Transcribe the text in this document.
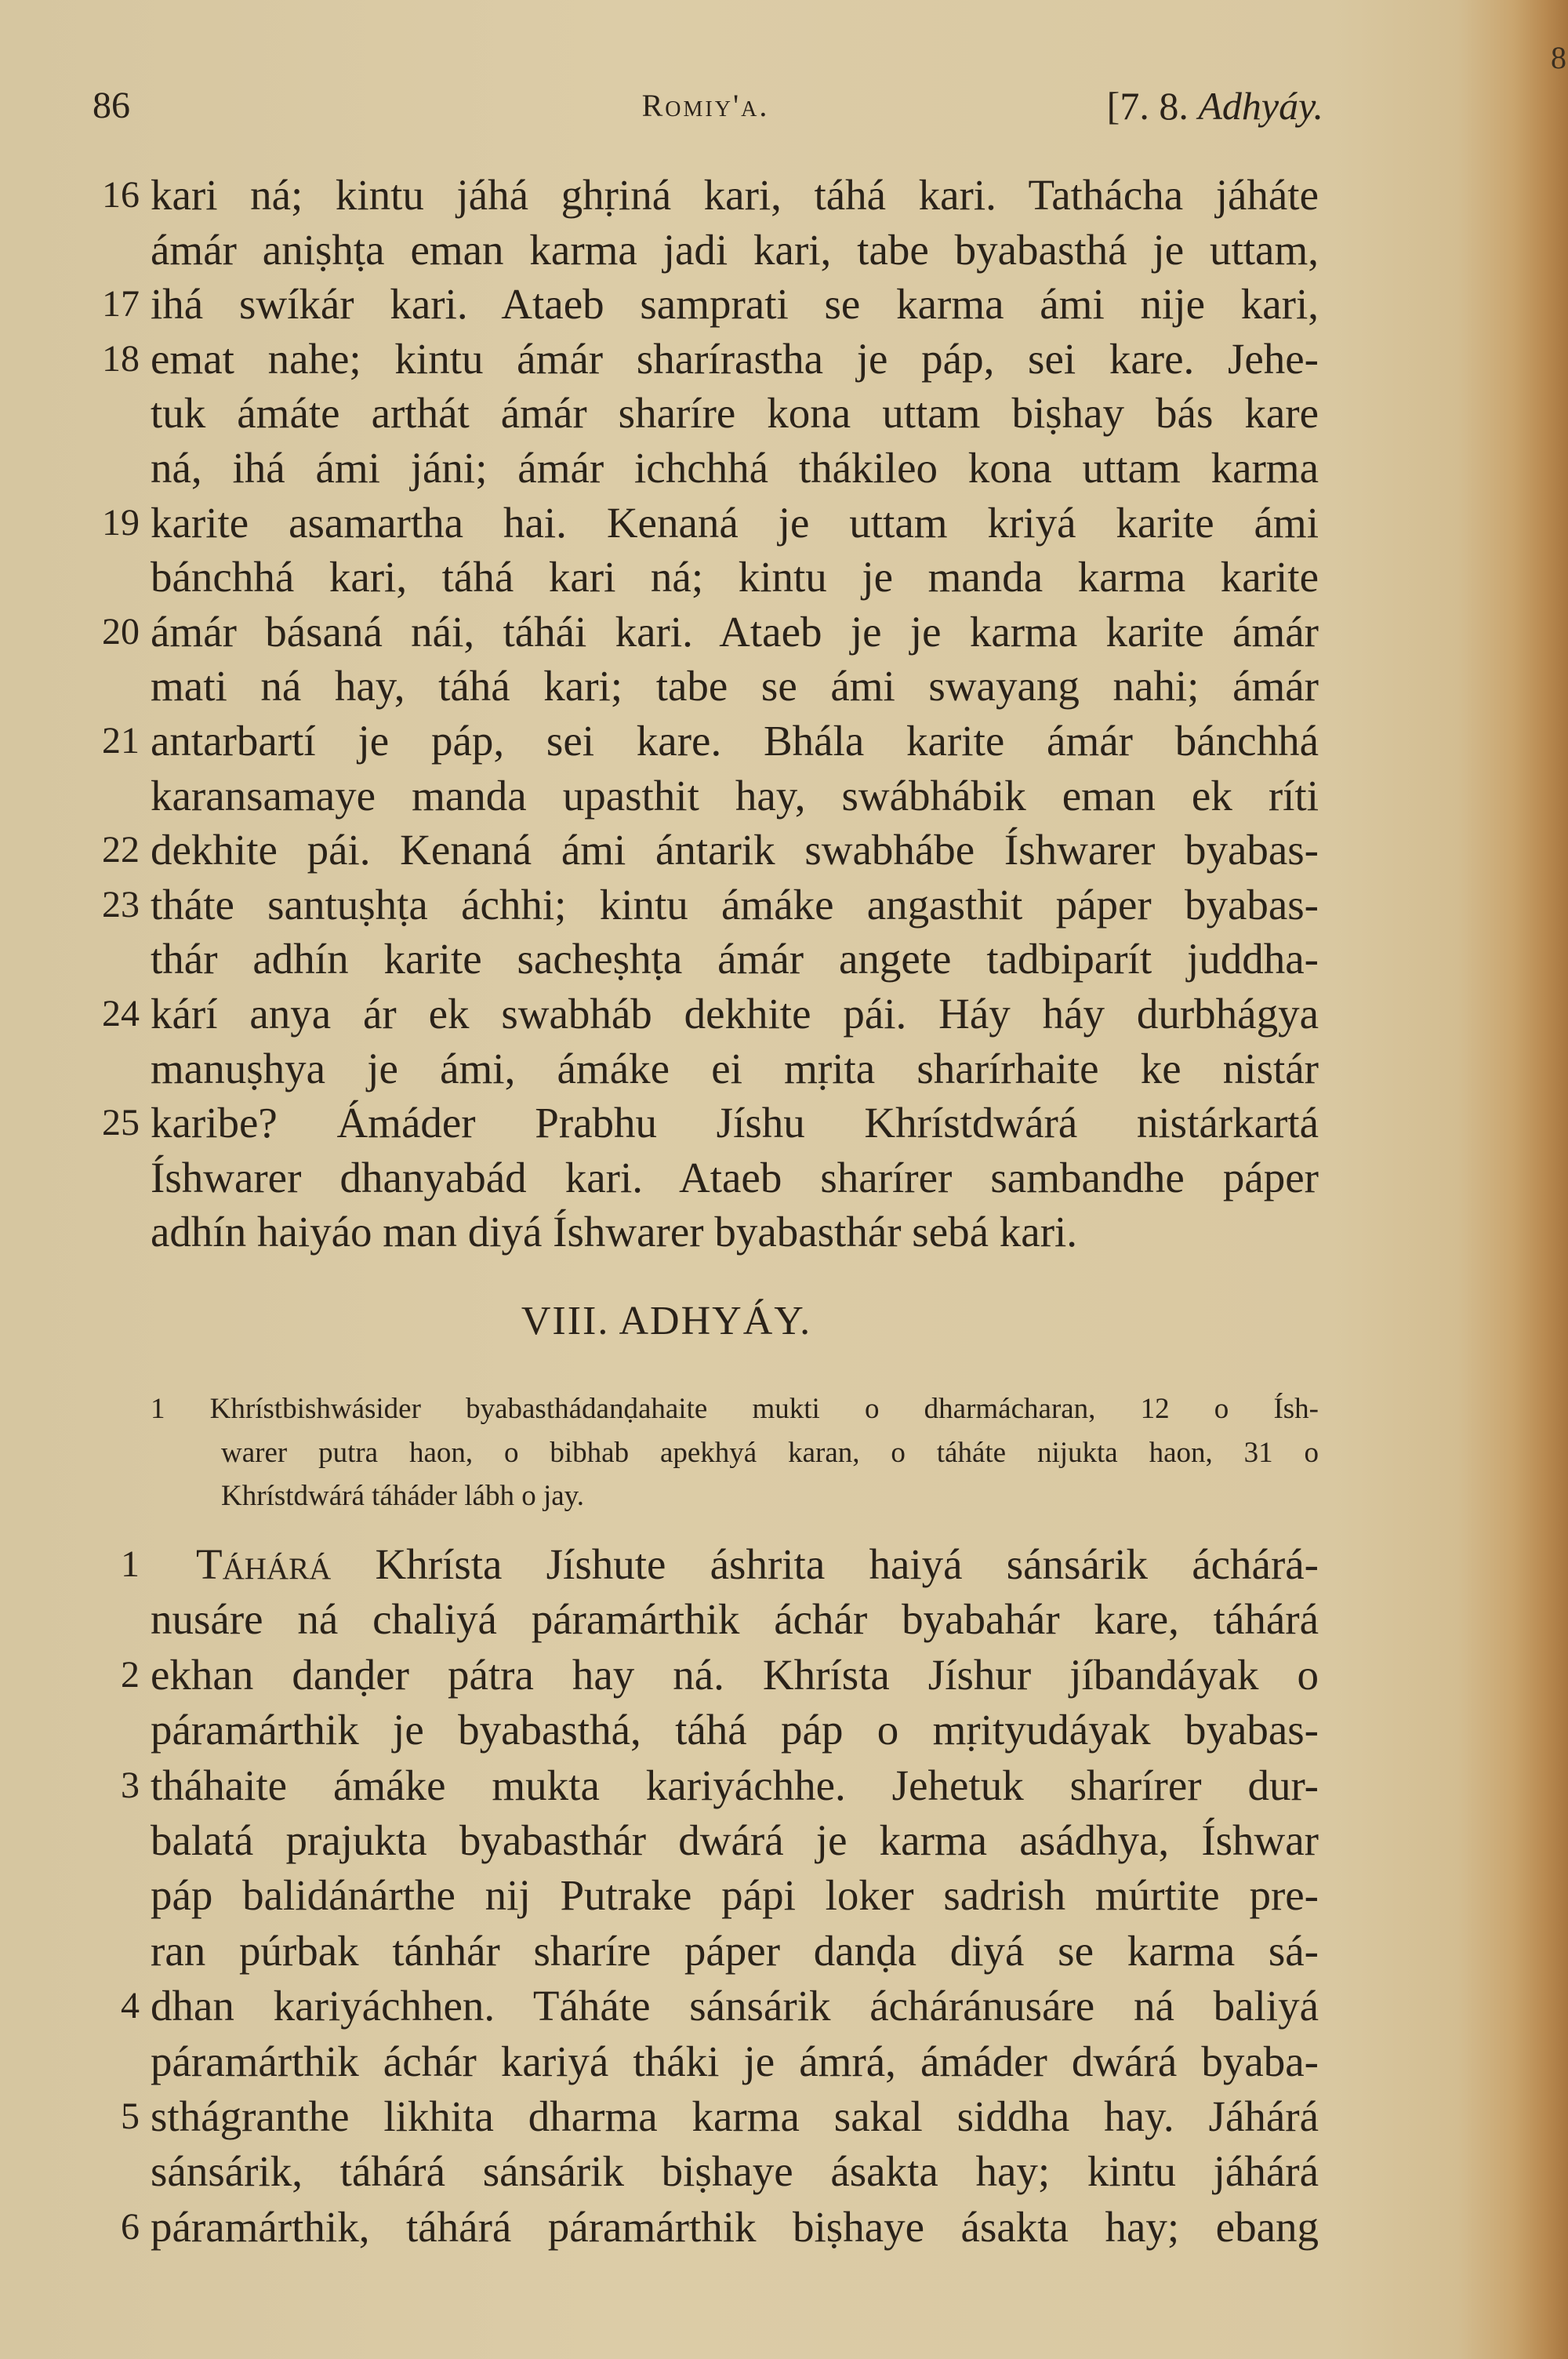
8
86	Romiy'a.	[7. 8. Adhyáy.
16 kari ná; kintu jáhá ghṛiná kari, táhá kari. Tathácha jáháte
ámár aniṣhṭa eman karma jadi kari, tabe byabasthá je uttam,
17 ihá swíkár kari. Ataeb samprati se karma ámi nije kari,
18 emat nahe; kintu ámár sharírastha je páp, sei kare. Jehe-
tuk ámáte arthát ámár sharíre kona uttam biṣhay bás kare
ná, ihá ámi jáni; ámár ichchhá thákileo kona uttam karma
19 karite asamartha hai. Kenaná je uttam kriyá karite ámi
bánchhá kari, táhá kari ná; kintu je manda karma karite
20 ámár básaná nái, táhái kari. Ataeb je je karma karite ámár
mati ná hay, táhá kari; tabe se ámi swayang nahi; ámár
21 antarbartí je páp, sei kare. Bhála karite ámár bánchhá
karansamaye manda upasthit hay, swábhábik eman ek ríti
22 dekhite pái. Kenaná ámi ántarik swabhábe Íshwarer byabas-
23 tháte santuṣhṭa áchhi; kintu ámáke angasthit páper byabas-
thár adhín karite sacheṣhṭa ámár angete tadbiparít juddha-
24 kárí anya ár ek swabháb dekhite pái. Háy háy durbhágya
manuṣhya je ámi, ámáke ei mṛita sharírhaite ke nistár
25 karibe? Ámáder Prabhu Jíshu Khrístdwárá nistárkartá
Íshwarer dhanyabád kari. Ataeb sharírer sambandhe páper
adhín haiyáo man diyá Íshwarer byabasthár sebá kari.
VIII. ADHYÁY.
1 Khrístbishwásider byabasthádanḍahaite mukti o dharmácharan, 12 o Ísh-
warer putra haon, o bibhab apekhyá karan, o táháte nijukta haon, 31 o
Khrístdwárá táháder lábh o jay.
1 Táhárá Khrísta Jíshute áshrita haiyá sánsárik áchárá-
nusáre ná chaliyá páramárthik áchár byabahár kare, táhárá
2 ekhan danḍer pátra hay ná. Khrísta Jíshur jíbandáyak o
páramárthik je byabasthá, táhá páp o mṛityudáyak byabas-
3 tháhaite ámáke mukta kariyáchhe. Jehetuk sharírer dur-
balatá prajukta byabasthár dwárá je karma asádhya, Íshwar
páp balidánárthe nij Putrake pápi loker sadrish múrtite pre-
ran púrbak tánhár sharíre páper danḍa diyá se karma sá-
4 dhan kariyáchhen. Táháte sánsárik ácháránusáre ná baliyá
páramárthik áchár kariyá tháki je ámrá, ámáder dwárá byaba-
5 sthágranthe likhita dharma karma sakal siddha hay. Jáhárá
sánsárik, táhárá sánsárik biṣhaye ásakta hay; kintu jáhárá
6 páramárthik, táhárá páramárthik biṣhaye ásakta hay; ebang
